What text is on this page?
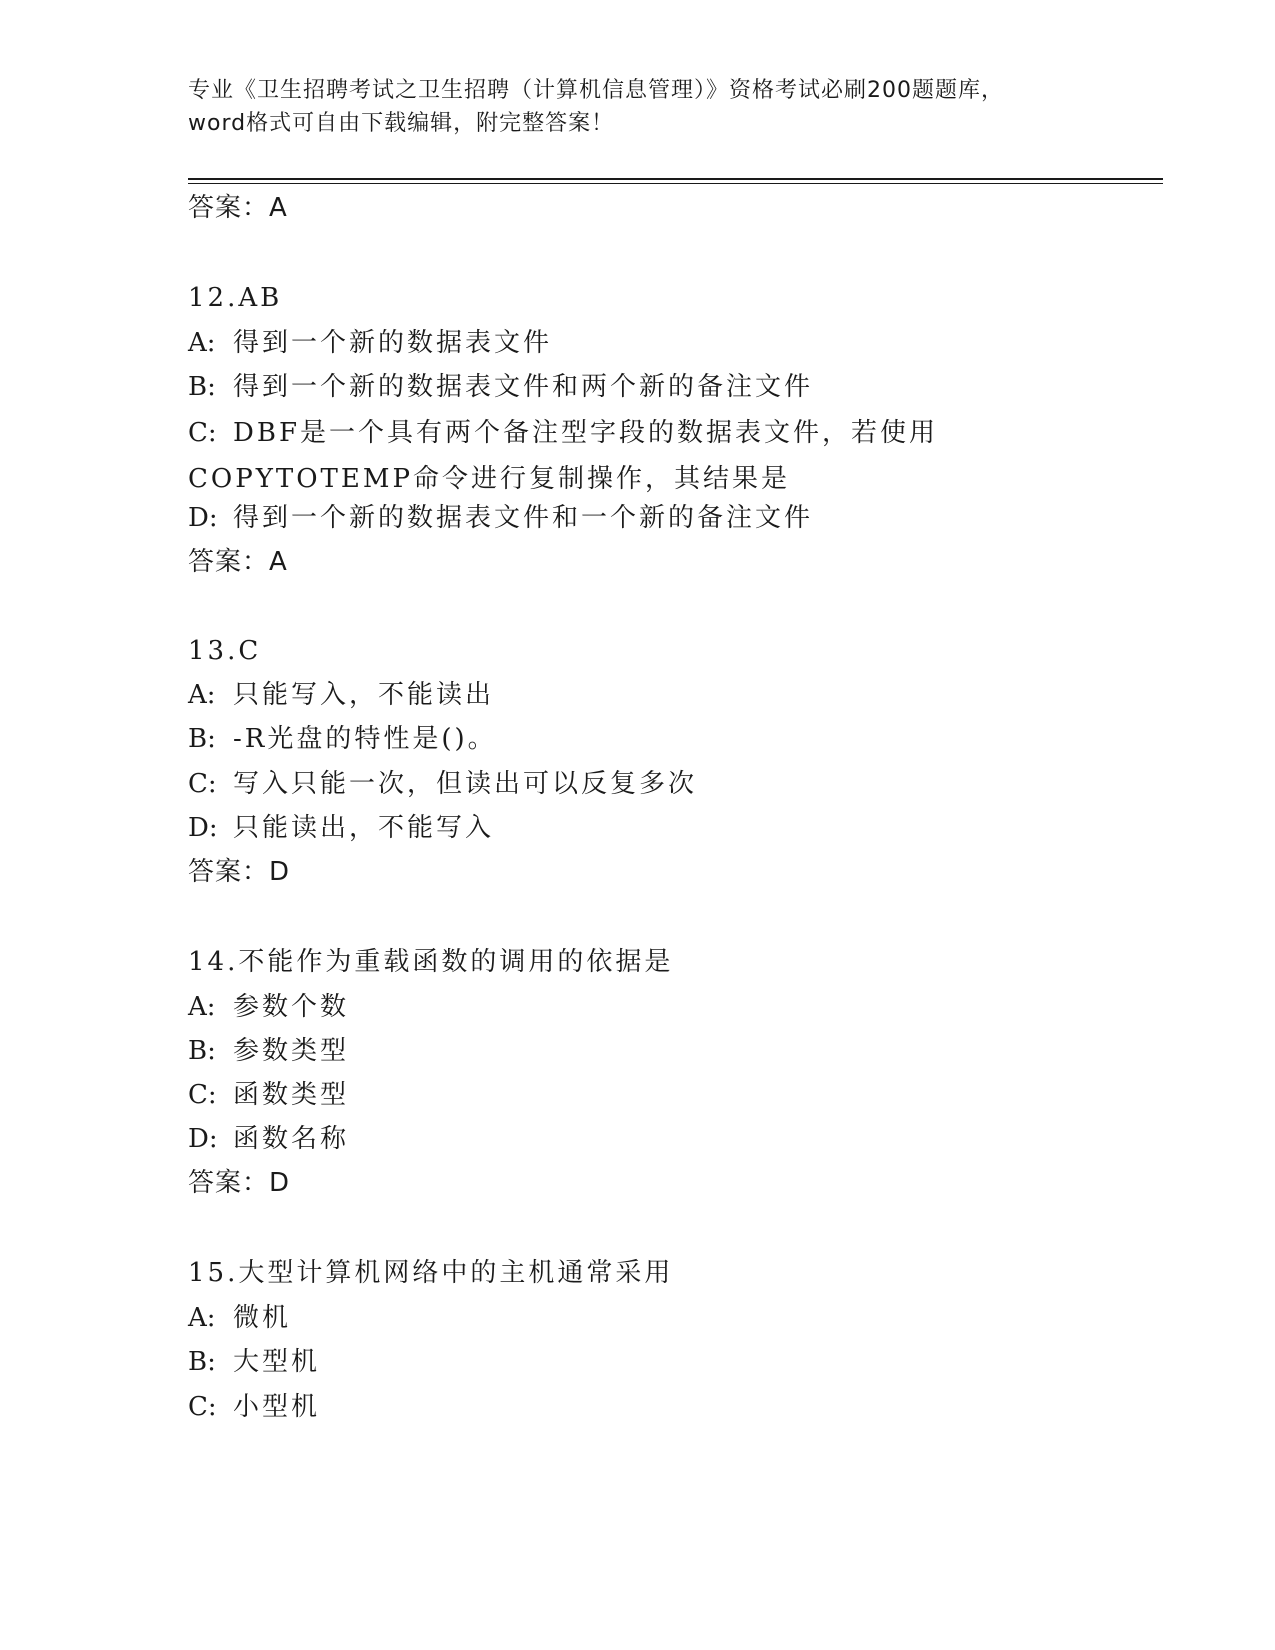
专业《卫生招聘考试之卫生招聘（计算机信息管理）》资格考试必刷200题题库，
word格式可自由下载编辑，附完整答案！
答案：A
12.AB
A: 得到一个新的数据表文件
B: 得到一个新的数据表文件和两个新的备注文件
C: DBF是一个具有两个备注型字段的数据表文件，若使用COPYTOTEMP命令进行复制操作，其结果是
D: 得到一个新的数据表文件和一个新的备注文件
答案：A
13.C
A: 只能写入，不能读出
B: -R光盘的特性是()。
C: 写入只能一次，但读出可以反复多次
D: 只能读出，不能写入
答案：D
14.不能作为重载函数的调用的依据是
A: 参数个数
B: 参数类型
C: 函数类型
D: 函数名称
答案：D
15.大型计算机网络中的主机通常采用
A: 微机
B: 大型机
C: 小型机
